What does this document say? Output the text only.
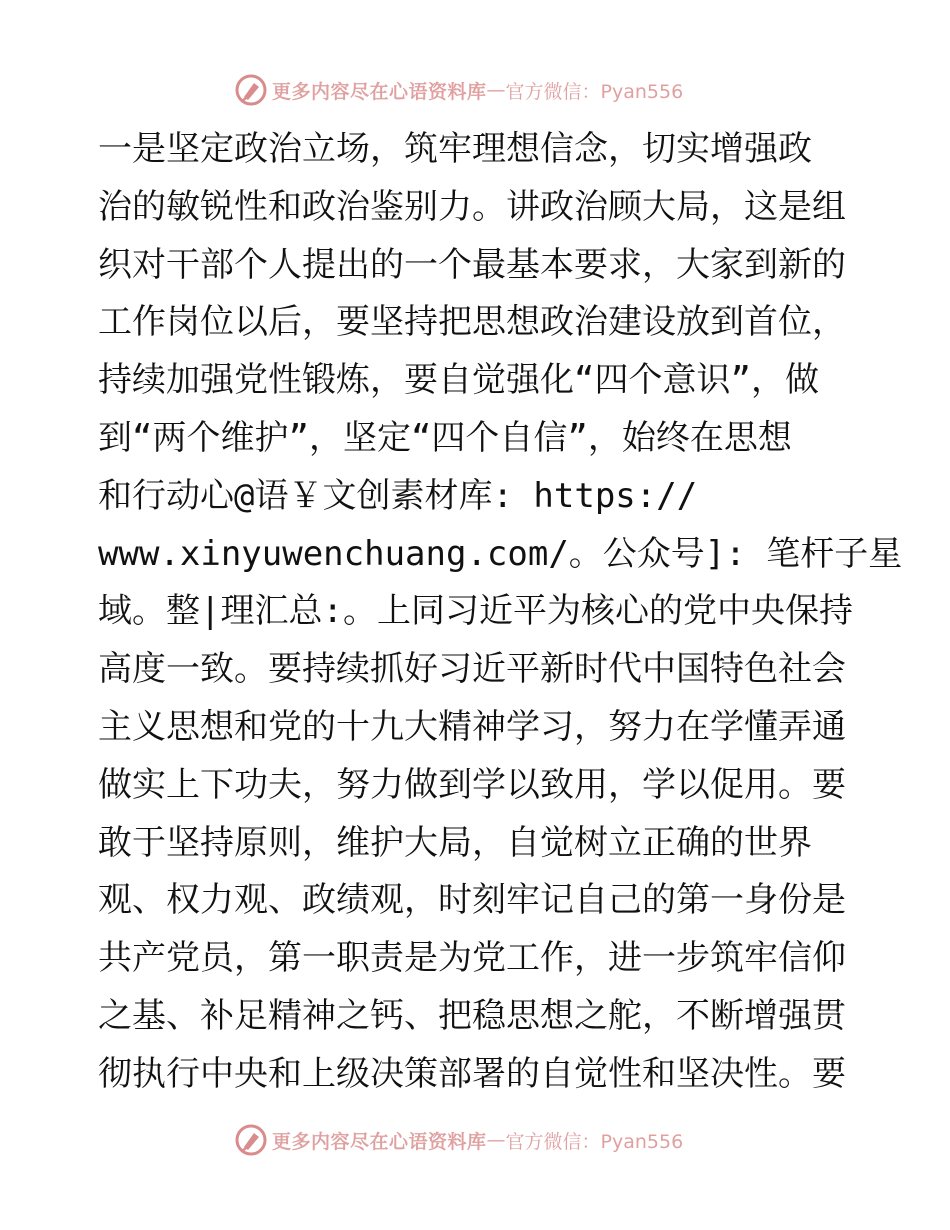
更多内容尽在心语资料库 — 官方微信：Pyan556
一是坚定政治立场，筑牢理想信念，切实增强政
治的敏锐性和政治鉴别力。讲政治顾大局，这是组
织对干部个人提出的一个最基本要求，大家到新的
工作岗位以后，要坚持把思想政治建设放到首位，
持续加强党性锻炼，要自觉强化“四个意识”，做
到“两个维护”，坚定“四个自信”，始终在思想
和行动心@语￥文创素材库: https://
www.xinyuwenchuang.com/。公众号]: 笔杆子星
域。整|理汇总:。上同习近平为核心的党中央保持
高度一致。要持续抓好习近平新时代中国特色社会
主义思想和党的十九大精神学习，努力在学懂弄通
做实上下功夫，努力做到学以致用，学以促用。要
敢于坚持原则，维护大局，自觉树立正确的世界
观、权力观、政绩观，时刻牢记自己的第一身份是
共产党员，第一职责是为党工作，进一步筑牢信仰
之基、补足精神之钙、把稳思想之舵，不断增强贯
彻执行中央和上级决策部署的自觉性和坚决性。要
更多内容尽在心语资料库 — 官方微信：Pyan556
